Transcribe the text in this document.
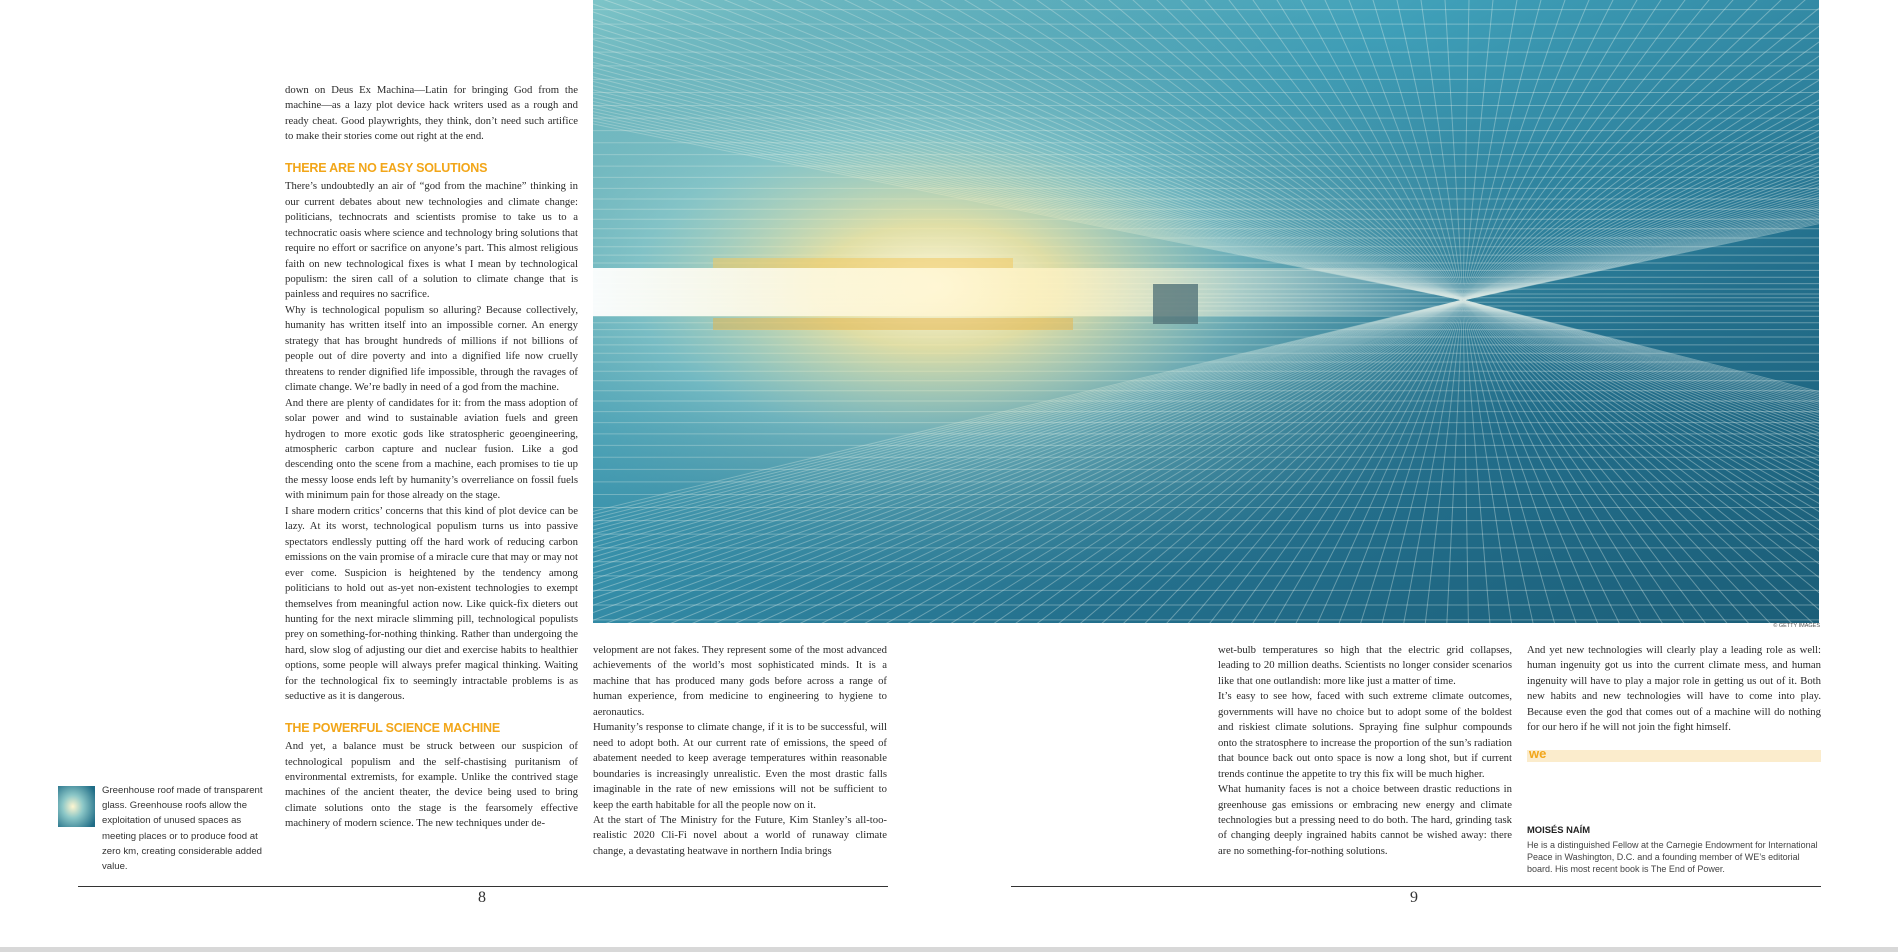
down on Deus Ex Machina—Latin for bringing God from the machine—as a lazy plot device hack writers used as a rough and ready cheat. Good playwrights, they think, don’t need such artifice to make their stories come out right at the end.

THERE ARE NO EASY SOLUTIONS

There’s undoubtedly an air of “god from the machine” thinking in our current debates about new technologies and climate change: politicians, technocrats and scientists promise to take us to a technocratic oasis where science and technology bring solutions that require no effort or sacrifice on anyone’s part. This almost religious faith on new technological fixes is what I mean by technological populism: the siren call of a solution to climate change that is painless and requires no sacrifice.

Why is technological populism so alluring? Because collectively, humanity has written itself into an impossible corner. An energy strategy that has brought hundreds of millions if not billions of people out of dire poverty and into a dignified life now cruelly threatens to render dignified life impossible, through the ravages of climate change. We’re badly in need of a god from the machine.

And there are plenty of candidates for it: from the mass adoption of solar power and wind to sustainable aviation fuels and green hydrogen to more exotic gods like stratospheric geoengineering, atmospheric carbon capture and nuclear fusion. Like a god descending onto the scene from a machine, each promises to tie up the messy loose ends left by humanity’s overreliance on fossil fuels with minimum pain for those already on the stage.

I share modern critics’ concerns that this kind of plot device can be lazy. At its worst, technological populism turns us into passive spectators endlessly putting off the hard work of reducing carbon emissions on the vain promise of a miracle cure that may or may not ever come. Suspicion is heightened by the tendency among politicians to hold out as-yet non-existent technologies to exempt themselves from meaningful action now. Like quick-fix dieters out hunting for the next miracle slimming pill, technological populists prey on something-for-nothing thinking. Rather than undergoing the hard, slow slog of adjusting our diet and exercise habits to healthier options, some people will always prefer magical thinking. Waiting for the technological fix to seemingly intractable problems is as seductive as it is dangerous.

THE POWERFUL SCIENCE MACHINE

And yet, a balance must be struck between our suspicion of technological populism and the self-chastising puritanism of environmental extremists, for example. Unlike the contrived stage machines of the ancient theater, the device being used to bring climate solutions onto the stage is the fearsomely effective machinery of modern science. The new techniques under de-

velopment are not fakes. They represent some of the most advanced achievements of the world’s most sophisticated minds. It is a machine that has produced many gods before across a range of human experience, from medicine to engineering to hygiene to aeronautics.

Humanity’s response to climate change, if it is to be successful, will need to adopt both. At our current rate of emissions, the speed of abatement needed to keep average temperatures within reasonable boundaries is increasingly unrealistic. Even the most drastic falls imaginable in the rate of new emissions will not be sufficient to keep the earth habitable for all the people now on it.

At the start of The Ministry for the Future, Kim Stanley’s all-too-realistic 2020 Cli-Fi novel about a world of runaway climate change, a devastating heatwave in northern India brings

© GETTY IMAGES
Greenhouse roof made of transparent glass. Greenhouse roofs allow the exploitation of unused spaces as meeting places or to produce food at zero km, creating considerable added value.

wet-bulb temperatures so high that the electric grid collapses, leading to 20 million deaths. Scientists no longer consider scenarios like that one outlandish: more like just a matter of time.

It’s easy to see how, faced with such extreme climate outcomes, governments will have no choice but to adopt some of the boldest and riskiest climate solutions. Spraying fine sulphur compounds onto the stratosphere to increase the proportion of the sun’s radiation that bounce back out onto space is now a long shot, but if current trends continue the appetite to try this fix will be much higher.

What humanity faces is not a choice between drastic reductions in greenhouse gas emissions or embracing new energy and climate technologies but a pressing need to do both. The hard, grinding task of changing deeply ingrained habits cannot be wished away: there are no something-for-nothing solutions.

And yet new technologies will clearly play a leading role as well: human ingenuity got us into the current climate mess, and human ingenuity will have to play a major role in getting us out of it. Both new habits and new technologies will have to come into play. Because even the god that comes out of a machine will do nothing for our hero if he will not join the fight himself.

we
MOISÉS NAÍM
He is a distinguished Fellow at the Carnegie Endowment for International Peace in Washington, D.C. and a founding member of WE’s editorial board. His most recent book is The End of Power.
8	9
